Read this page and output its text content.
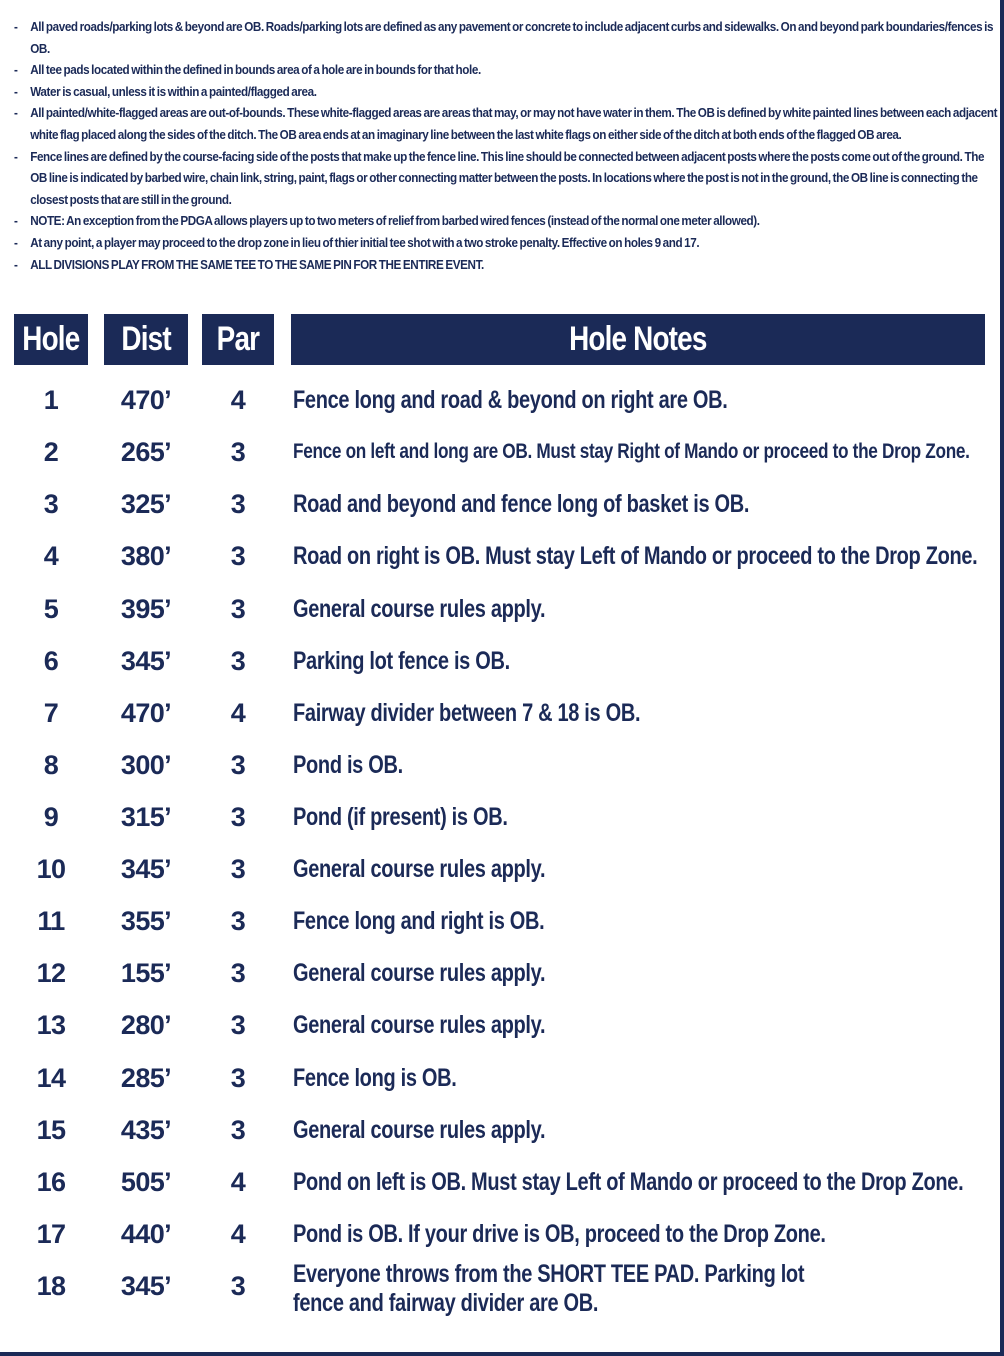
- All paved roads/parking lots & beyond are OB. Roads/parking lots are defined as any pavement or concrete to include adjacent curbs and sidewalks. On and beyond park boundaries/fences is OB.
- All tee pads located within the defined in bounds area of a hole are in bounds for that hole.
- Water is casual, unless it is within a painted/flagged area.
- All painted/white-flagged areas are out-of-bounds. These white-flagged areas are areas that may, or may not have water in them. The OB is defined by white painted lines between each adjacent white flag placed along the sides of the ditch. The OB area ends at an imaginary line between the last white flags on either side of the ditch at both ends of the flagged OB area.
- Fence lines are defined by the course-facing side of the posts that make up the fence line. This line should be connected between adjacent posts where the posts come out of the ground. The OB line is indicated by barbed wire, chain link, string, paint, flags or other connecting matter between the posts. In locations where the post is not in the ground, the OB line is connecting the closest posts that are still in the ground.
- NOTE: An exception from the PDGA allows players up to two meters of relief from barbed wired fences (instead of the normal one meter allowed).
- At any point, a player may proceed to the drop zone in lieu of thier initial tee shot with a two stroke penalty. Effective on holes 9 and 17.
- ALL DIVISIONS PLAY FROM THE SAME TEE TO THE SAME PIN FOR THE ENTIRE EVENT.
Hole Dist Par	Hole Notes
1	470’	4	Fence long and road & beyond on right are OB.
2	265’	3	Fence on left and long are OB. Must stay Right of Mando or proceed to the Drop Zone.
3	325’	3	Road and beyond and fence long of basket is OB.
4	380’	3	Road on right is OB. Must stay Left of Mando or proceed to the Drop Zone.
5	395’	3	General course rules apply.
6	345’	3	Parking lot fence is OB.
7	470’	4	Fairway divider between 7 & 18 is OB.
8	300’	3	Pond is OB.
9	315’	3	Pond (if present) is OB.
10	345’	3	General course rules apply.
11	355’	3	Fence long and right is OB.
12	155’	3	General course rules apply.
13	280’	3	General course rules apply.
14	285’	3	Fence long is OB.
15	435’	3	General course rules apply.
16	505’	4	Pond on left is OB. Must stay Left of Mando or proceed to the Drop Zone.
17	440’	4	Pond is OB. If your drive is OB, proceed to the Drop Zone.
18	345’	3	Everyone throws from the SHORT TEE PAD. Parking lot fence and fairway divider are OB.
